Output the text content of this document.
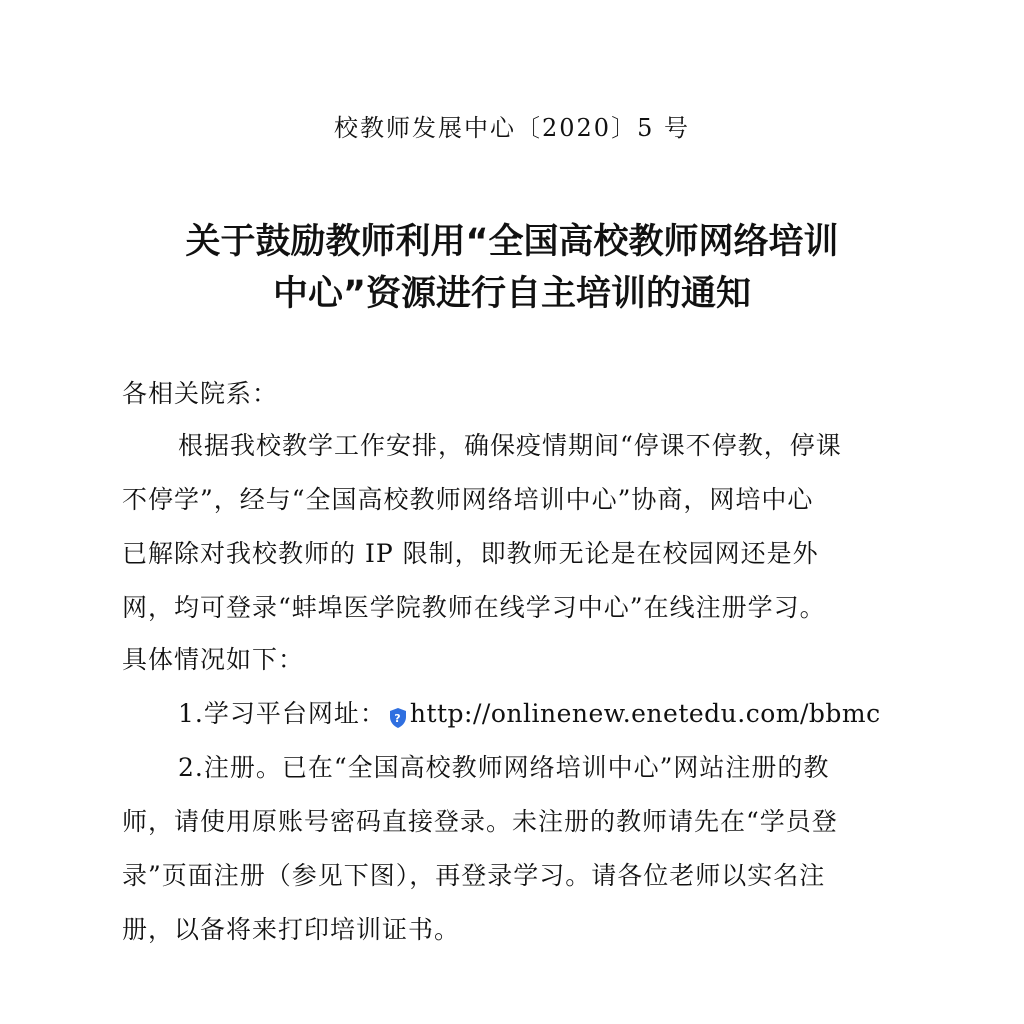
校教师发展中心〔2020〕5 号
关于鼓励教师利用“全国高校教师网络培训
中心”资源进行自主培训的通知
各相关院系：
根据我校教学工作安排，确保疫情期间“停课不停教，停课
不停学”，经与“全国高校教师网络培训中心”协商，网培中心
已解除对我校教师的 IP 限制，即教师无论是在校园网还是外
网，均可登录“蚌埠医学院教师在线学习中心”在线注册学习。
具体情况如下：
1.学习平台网址： ? http://onlinenew.enetedu.com/bbmc
2.注册。已在“全国高校教师网络培训中心”网站注册的教
师，请使用原账号密码直接登录。未注册的教师请先在“学员登
录”页面注册（参见下图），再登录学习。请各位老师以实名注
册，以备将来打印培训证书。
